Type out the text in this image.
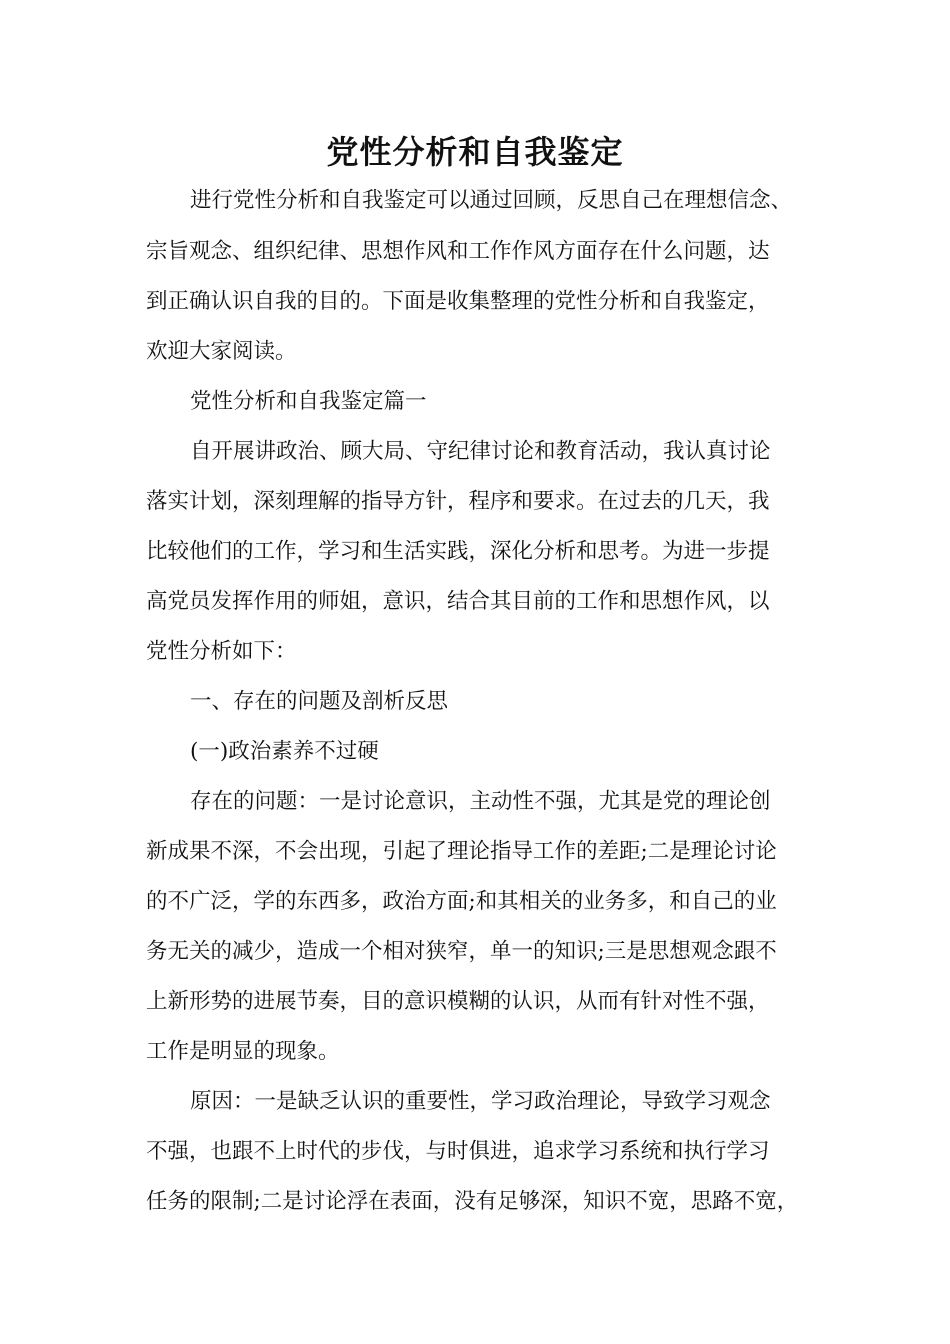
党性分析和自我鉴定
进行党性分析和自我鉴定可以通过回顾，反思自己在理想信念、
宗旨观念、组织纪律、思想作风和工作作风方面存在什么问题，达
到正确认识自我的目的。下面是收集整理的党性分析和自我鉴定，
欢迎大家阅读。
党性分析和自我鉴定篇一
自开展讲政治、顾大局、守纪律讨论和教育活动，我认真讨论
落实计划，深刻理解的指导方针，程序和要求。在过去的几天，我
比较他们的工作，学习和生活实践，深化分析和思考。为进一步提
高党员发挥作用的师姐，意识，结合其目前的工作和思想作风，以
党性分析如下：
一、存在的问题及剖析反思
(一)政治素养不过硬
存在的问题：一是讨论意识，主动性不强，尤其是党的理论创
新成果不深，不会出现，引起了理论指导工作的差距;二是理论讨论
的不广泛，学的东西多，政治方面;和其相关的业务多，和自己的业
务无关的减少，造成一个相对狭窄，单一的知识;三是思想观念跟不
上新形势的进展节奏，目的意识模糊的认识，从而有针对性不强，
工作是明显的现象。
原因：一是缺乏认识的重要性，学习政治理论，导致学习观念
不强，也跟不上时代的步伐，与时俱进，追求学习系统和执行学习
任务的限制;二是讨论浮在表面，没有足够深，知识不宽，思路不宽，
